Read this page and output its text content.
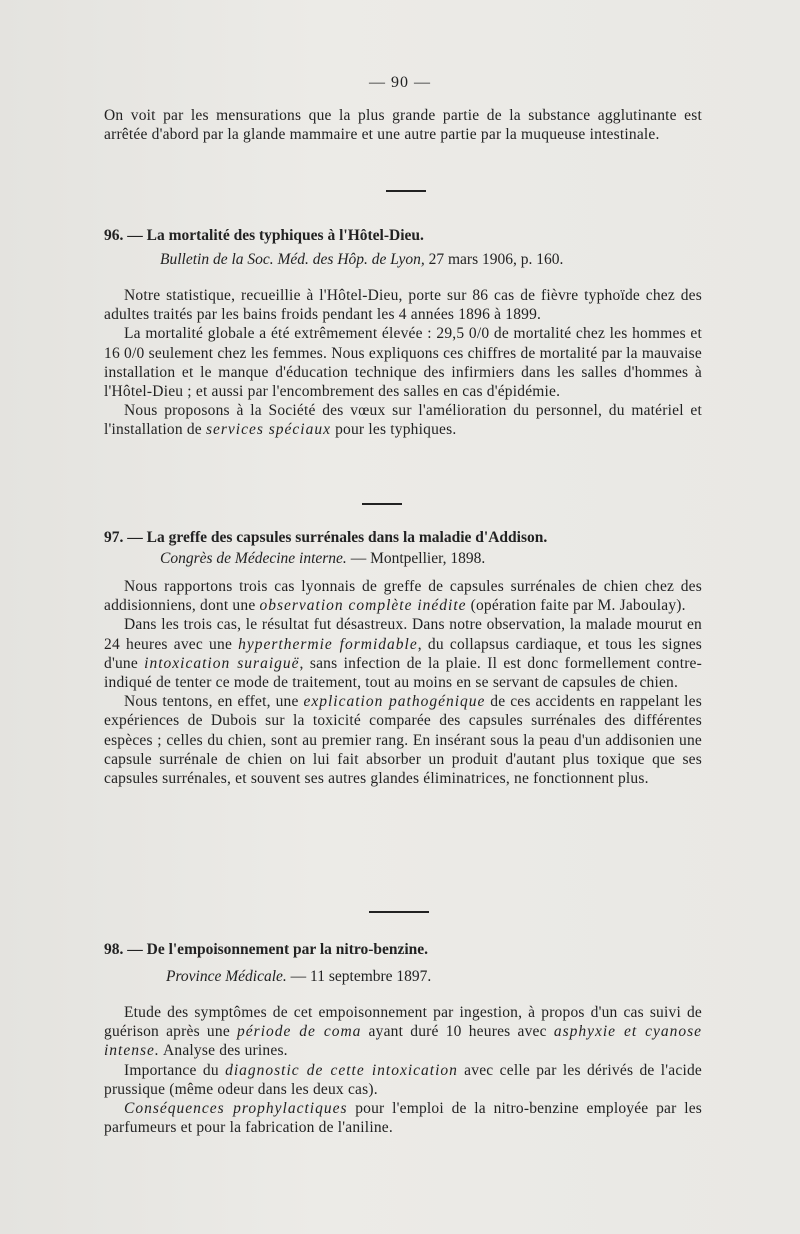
— 90 —

On voit par les mensurations que la plus grande partie de la substance agglutinante est arrêtée d'abord par la glande mammaire et une autre partie par la muqueuse intestinale.

96. — La mortalité des typhiques à l'Hôtel-Dieu.
Bulletin de la Soc. Méd. des Hôp. de Lyon, 27 mars 1906, p. 160.

Notre statistique, recueillie à l'Hôtel-Dieu, porte sur 86 cas de fièvre typhoïde chez des adultes traités par les bains froids pendant les 4 années 1896 à 1899.

La mortalité globale a été extrêmement élevée : 29,5 0/0 de mortalité chez les hommes et 16 0/0 seulement chez les femmes. Nous expliquons ces chiffres de mortalité par la mauvaise installation et le manque d'éducation technique des infirmiers dans les salles d'hommes à l'Hôtel-Dieu ; et aussi par l'encombrement des salles en cas d'épidémie.

Nous proposons à la Société des vœux sur l'amélioration du personnel, du matériel et l'installation de services spéciaux pour les typhiques.

97. — La greffe des capsules surrénales dans la maladie d'Addison.
Congrès de Médecine interne. — Montpellier, 1898.

Nous rapportons trois cas lyonnais de greffe de capsules surrénales de chien chez des addisionniens, dont une observation complète inédite (opération faite par M. Jaboulay).

Dans les trois cas, le résultat fut désastreux. Dans notre observation, la malade mourut en 24 heures avec une hyperthermie formidable, du collapsus cardiaque, et tous les signes d'une intoxication suraiguë, sans infection de la plaie. Il est donc formellement contre-indiqué de tenter ce mode de traitement, tout au moins en se servant de capsules de chien.

Nous tentons, en effet, une explication pathogénique de ces accidents en rappelant les expériences de Dubois sur la toxicité comparée des capsules surrénales des différentes espèces ; celles du chien, sont au premier rang. En insérant sous la peau d'un addisonien une capsule surrénale de chien on lui fait absorber un produit d'autant plus toxique que ses capsules surrénales, et souvent ses autres glandes éliminatrices, ne fonctionnent plus.

98. — De l'empoisonnement par la nitro-benzine.
Province Médicale. — 11 septembre 1897.

Etude des symptômes de cet empoisonnement par ingestion, à propos d'un cas suivi de guérison après une période de coma ayant duré 10 heures avec asphyxie et cyanose intense. Analyse des urines.

Importance du diagnostic de cette intoxication avec celle par les dérivés de l'acide prussique (même odeur dans les deux cas).

Conséquences prophylactiques pour l'emploi de la nitro-benzine employée par les parfumeurs et pour la fabrication de l'aniline.
